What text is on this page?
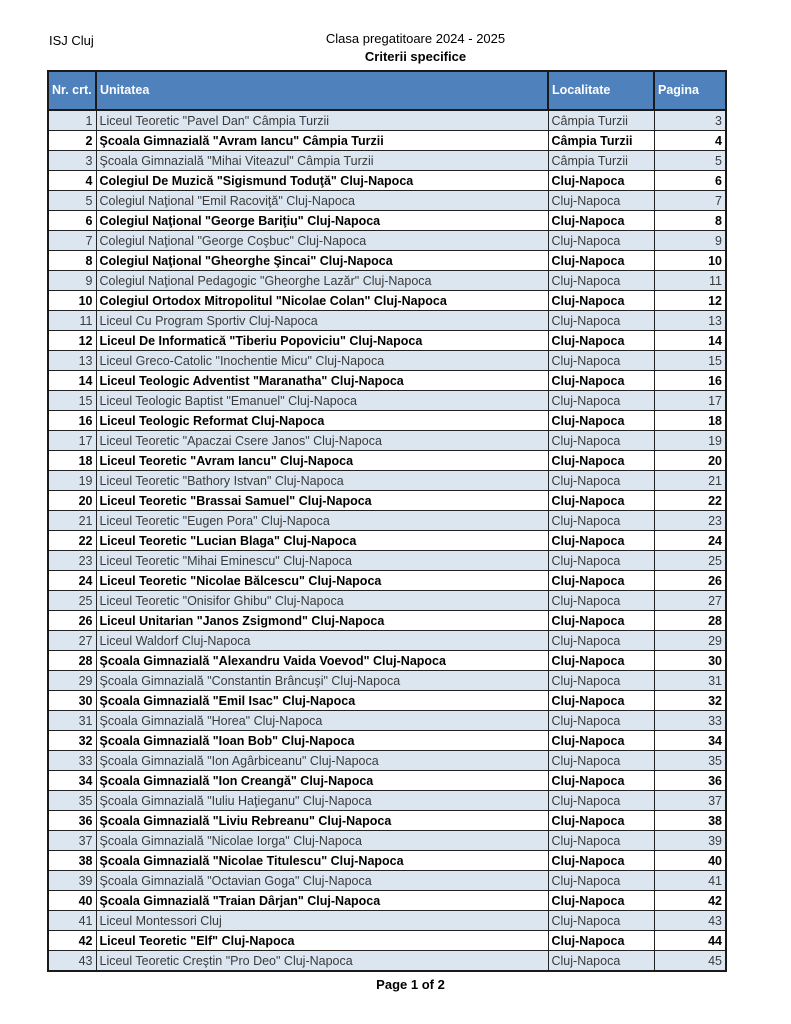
ISJ Cluj	Clasa pregatitoare 2024 - 2025
Criterii specifice
Nr. crt.	Unitatea	Localitate	Pagina
1	Liceul Teoretic "Pavel Dan" Câmpia Turzii	Câmpia Turzii	3
2	Şcoala Gimnazială "Avram Iancu" Câmpia Turzii	Câmpia Turzii	4
3	Şcoala Gimnazială "Mihai Viteazul" Câmpia Turzii	Câmpia Turzii	5
4	Colegiul De Muzică "Sigismund Toduţă" Cluj-Napoca	Cluj-Napoca	6
5	Colegiul Naţional "Emil Racoviţă" Cluj-Napoca	Cluj-Napoca	7
6	Colegiul Naţional "George Bariţiu" Cluj-Napoca	Cluj-Napoca	8
7	Colegiul Naţional "George Coşbuc" Cluj-Napoca	Cluj-Napoca	9
8	Colegiul Naţional "Gheorghe Şincai" Cluj-Napoca	Cluj-Napoca	10
9	Colegiul Naţional Pedagogic "Gheorghe Lazăr" Cluj-Napoca	Cluj-Napoca	11
10	Colegiul Ortodox Mitropolitul "Nicolae Colan" Cluj-Napoca	Cluj-Napoca	12
11	Liceul Cu Program Sportiv Cluj-Napoca	Cluj-Napoca	13
12	Liceul De Informatică "Tiberiu Popoviciu" Cluj-Napoca	Cluj-Napoca	14
13	Liceul Greco-Catolic "Inochentie Micu" Cluj-Napoca	Cluj-Napoca	15
14	Liceul Teologic Adventist "Maranatha" Cluj-Napoca	Cluj-Napoca	16
15	Liceul Teologic Baptist "Emanuel" Cluj-Napoca	Cluj-Napoca	17
16	Liceul Teologic Reformat Cluj-Napoca	Cluj-Napoca	18
17	Liceul Teoretic "Apaczai Csere Janos" Cluj-Napoca	Cluj-Napoca	19
18	Liceul Teoretic "Avram Iancu" Cluj-Napoca	Cluj-Napoca	20
19	Liceul Teoretic "Bathory Istvan" Cluj-Napoca	Cluj-Napoca	21
20	Liceul Teoretic "Brassai Samuel" Cluj-Napoca	Cluj-Napoca	22
21	Liceul Teoretic "Eugen Pora" Cluj-Napoca	Cluj-Napoca	23
22	Liceul Teoretic "Lucian Blaga" Cluj-Napoca	Cluj-Napoca	24
23	Liceul Teoretic "Mihai Eminescu" Cluj-Napoca	Cluj-Napoca	25
24	Liceul Teoretic "Nicolae Bălcescu" Cluj-Napoca	Cluj-Napoca	26
25	Liceul Teoretic "Onisifor Ghibu" Cluj-Napoca	Cluj-Napoca	27
26	Liceul Unitarian "Janos Zsigmond" Cluj-Napoca	Cluj-Napoca	28
27	Liceul Waldorf Cluj-Napoca	Cluj-Napoca	29
28	Şcoala Gimnazială "Alexandru Vaida Voevod" Cluj-Napoca	Cluj-Napoca	30
29	Şcoala Gimnazială "Constantin Brâncuşi" Cluj-Napoca	Cluj-Napoca	31
30	Şcoala Gimnazială "Emil Isac" Cluj-Napoca	Cluj-Napoca	32
31	Şcoala Gimnazială "Horea" Cluj-Napoca	Cluj-Napoca	33
32	Şcoala Gimnazială "Ioan Bob" Cluj-Napoca	Cluj-Napoca	34
33	Şcoala Gimnazială "Ion Agârbiceanu" Cluj-Napoca	Cluj-Napoca	35
34	Şcoala Gimnazială "Ion Creangă" Cluj-Napoca	Cluj-Napoca	36
35	Şcoala Gimnazială "Iuliu Haţieganu" Cluj-Napoca	Cluj-Napoca	37
36	Şcoala Gimnazială "Liviu Rebreanu" Cluj-Napoca	Cluj-Napoca	38
37	Şcoala Gimnazială "Nicolae Iorga" Cluj-Napoca	Cluj-Napoca	39
38	Şcoala Gimnazială "Nicolae Titulescu" Cluj-Napoca	Cluj-Napoca	40
39	Şcoala Gimnazială "Octavian Goga" Cluj-Napoca	Cluj-Napoca	41
40	Şcoala Gimnazială "Traian Dârjan" Cluj-Napoca	Cluj-Napoca	42
41	Liceul Montessori Cluj	Cluj-Napoca	43
42	Liceul Teoretic "Elf" Cluj-Napoca	Cluj-Napoca	44
43	Liceul Teoretic Creştin "Pro Deo" Cluj-Napoca	Cluj-Napoca	45
Page 1 of 2
